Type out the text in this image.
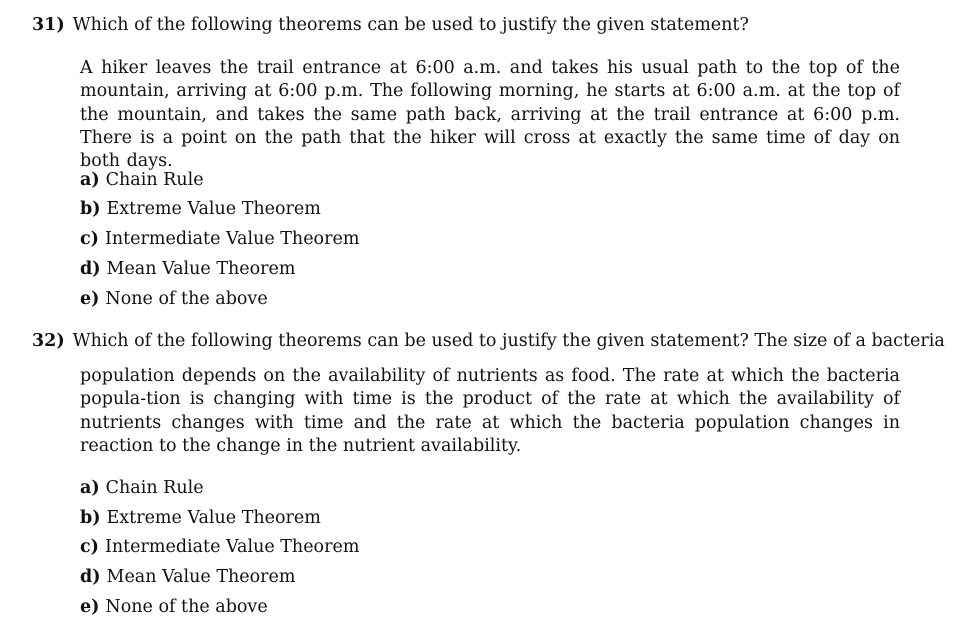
31) Which of the following theorems can be used to justify the given statement?

A hiker leaves the trail entrance at 6:00 a.m. and takes his usual path to the top of the mountain, arriving at 6:00 p.m. The following morning, he starts at 6:00 a.m. at the top of the mountain, and takes the same path back, arriving at the trail entrance at 6:00 p.m. There is a point on the path that the hiker will cross at exactly the same time of day on both days.

a) Chain Rule
b) Extreme Value Theorem
c) Intermediate Value Theorem
d) Mean Value Theorem
e) None of the above
32) Which of the following theorems can be used to justify the given statement? The size of a bacteria

population depends on the availability of nutrients as food. The rate at which the bacteria popula-tion is changing with time is the product of the rate at which the availability of nutrients changes with time and the rate at which the bacteria population changes in reaction to the change in the nutrient availability.

a) Chain Rule
b) Extreme Value Theorem
c) Intermediate Value Theorem
d) Mean Value Theorem
e) None of the above
